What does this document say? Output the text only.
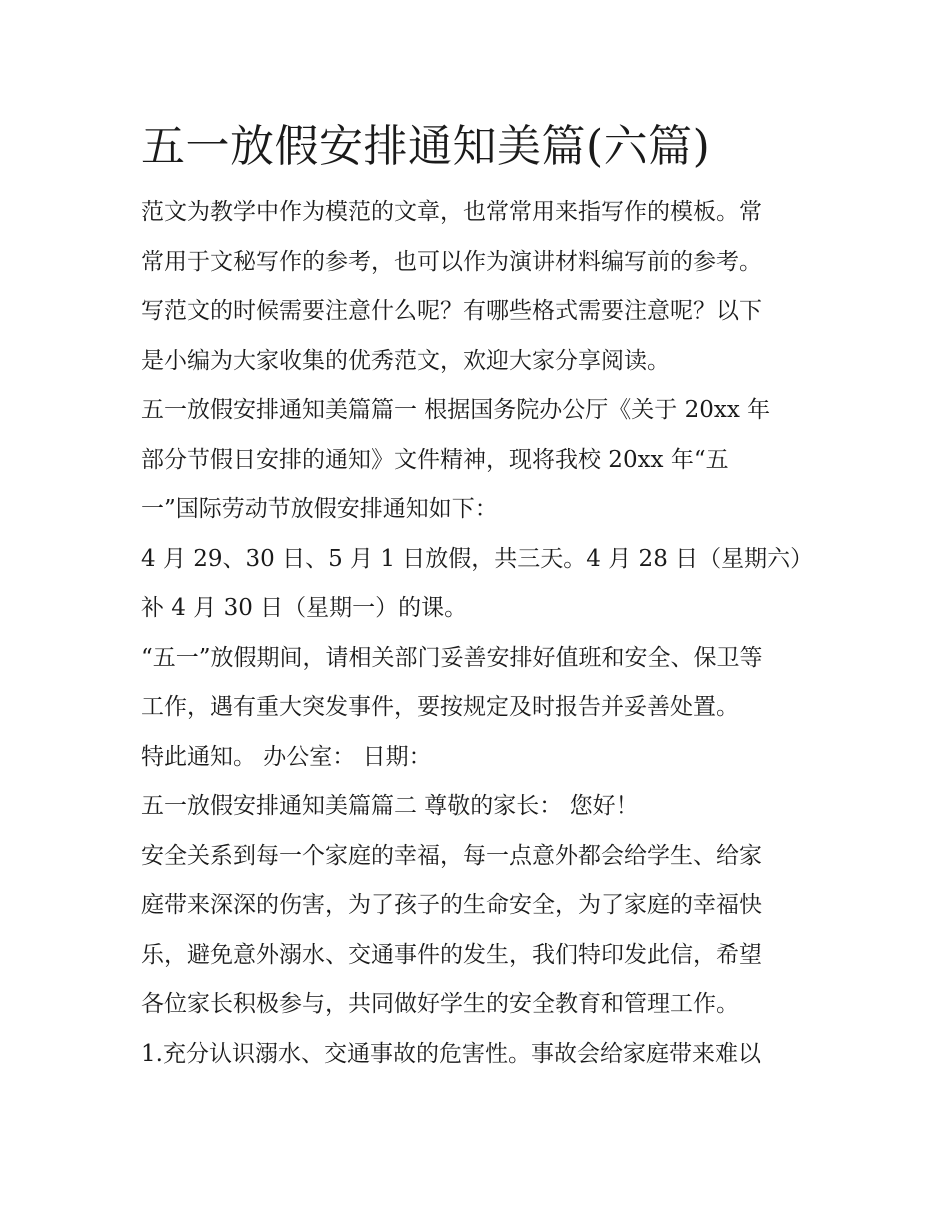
五一放假安排通知美篇(六篇)

范文为教学中作为模范的文章，也常常用来指写作的模板。常

常用于文秘写作的参考，也可以作为演讲材料编写前的参考。

写范文的时候需要注意什么呢？有哪些格式需要注意呢？以下

是小编为大家收集的优秀范文，欢迎大家分享阅读。

五一放假安排通知美篇篇一 根据国务院办公厅《关于 20xx 年

部分节假日安排的通知》文件精神，现将我校 20xx 年“五

一”国际劳动节放假安排通知如下：

4 月 29、30 日、5 月 1 日放假，共三天。4 月 28 日（星期六）

补 4 月 30 日（星期一）的课。

“五一”放假期间，请相关部门妥善安排好值班和安全、保卫等

工作，遇有重大突发事件，要按规定及时报告并妥善处置。

特此通知。 办公室： 日期：

五一放假安排通知美篇篇二 尊敬的家长： 您好！

安全关系到每一个家庭的幸福，每一点意外都会给学生、给家

庭带来深深的伤害，为了孩子的生命安全，为了家庭的幸福快

乐，避免意外溺水、交通事件的发生，我们特印发此信，希望

各位家长积极参与，共同做好学生的安全教育和管理工作。

1.充分认识溺水、交通事故的危害性。事故会给家庭带来难以
